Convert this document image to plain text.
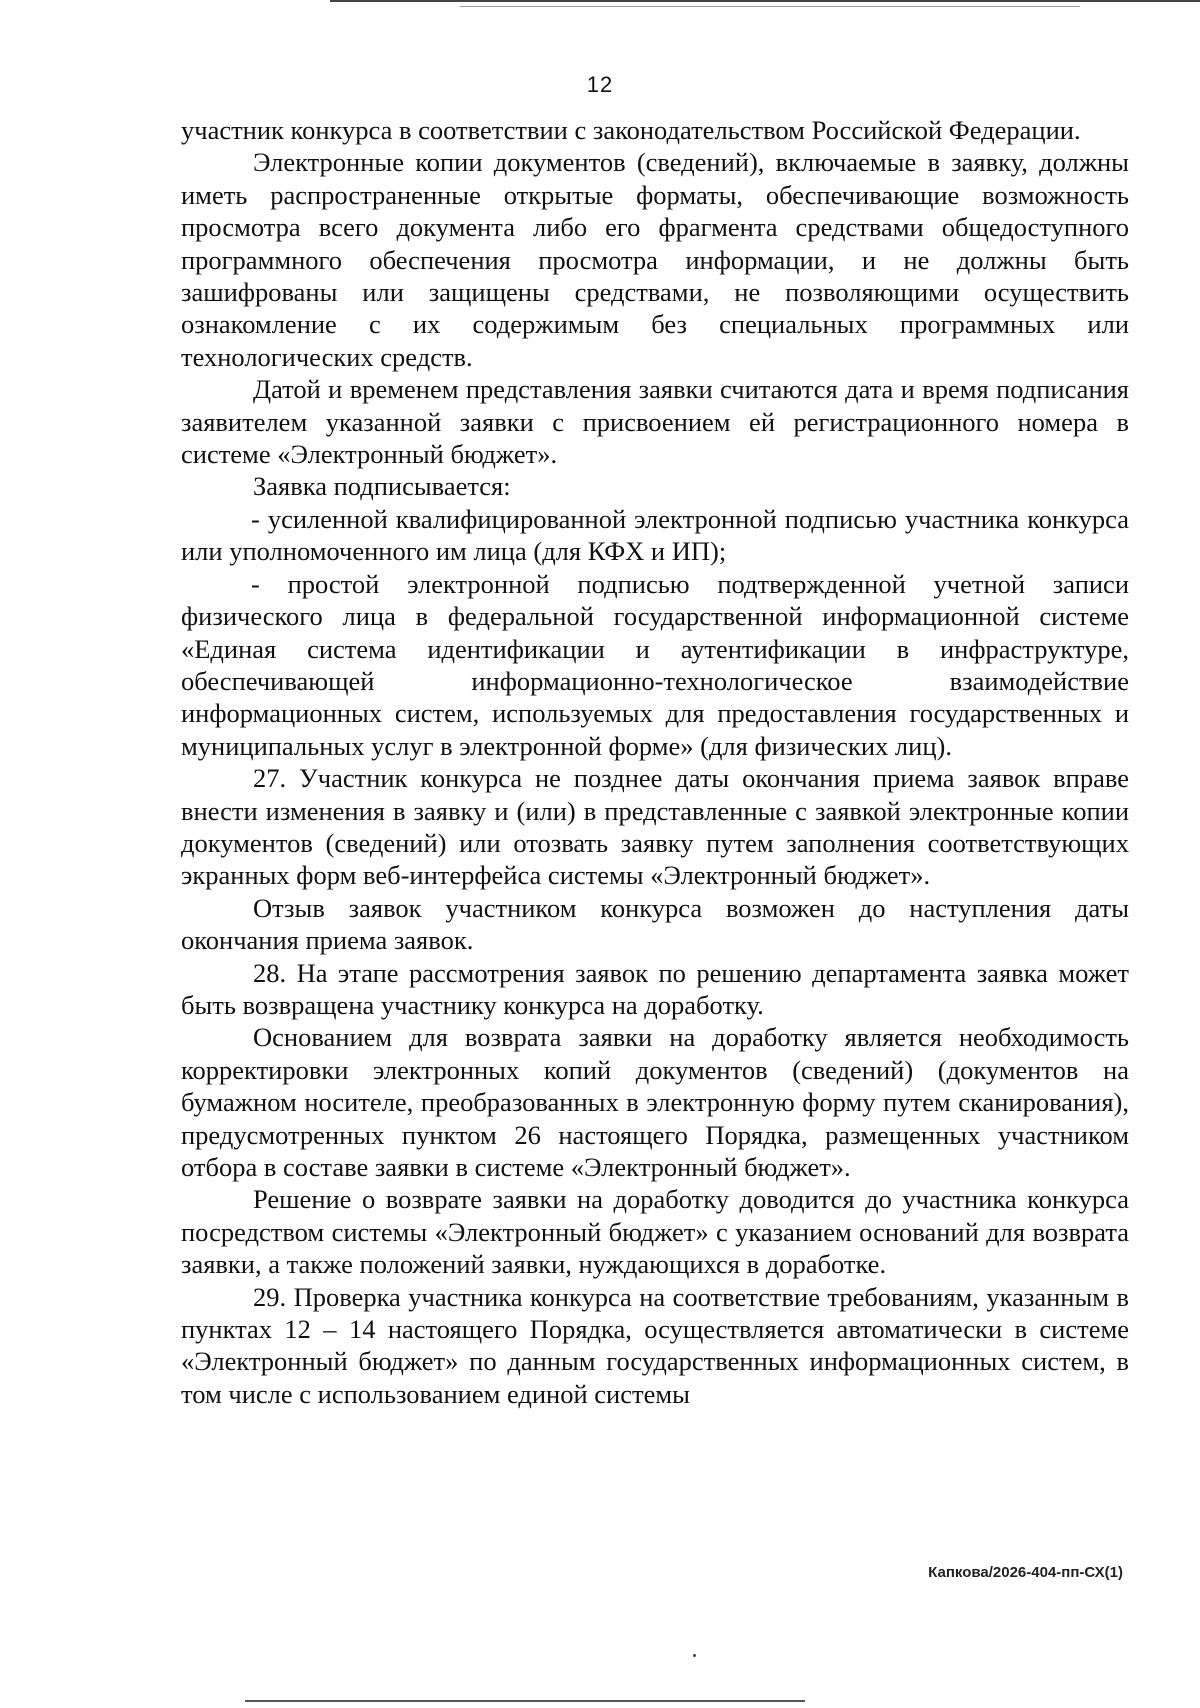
12

участник конкурса в соответствии с законодательством Российской Федерации.

Электронные копии документов (сведений), включаемые в заявку, должны иметь распространенные открытые форматы, обеспечивающие возможность просмотра всего документа либо его фрагмента средствами общедоступного программного обеспечения просмотра информации, и не должны быть зашифрованы или защищены средствами, не позволяющими осуществить ознакомление с их содержимым без специальных программных или технологических средств.

Датой и временем представления заявки считаются дата и время подписания заявителем указанной заявки с присвоением ей регистрационного номера в системе «Электронный бюджет».

Заявка подписывается:

- усиленной квалифицированной электронной подписью участника конкурса или уполномоченного им лица (для КФХ и ИП);

- простой электронной подписью подтвержденной учетной записи физического лица в федеральной государственной информационной системе «Единая система идентификации и аутентификации в инфраструктуре, обеспечивающей информационно-технологическое взаимодействие информационных систем, используемых для предоставления государственных и муниципальных услуг в электронной форме» (для физических лиц).

27. Участник конкурса не позднее даты окончания приема заявок вправе внести изменения в заявку и (или) в представленные с заявкой электронные копии документов (сведений) или отозвать заявку путем заполнения соответствующих экранных форм веб-интерфейса системы «Электронный бюджет».

Отзыв заявок участником конкурса возможен до наступления даты окончания приема заявок.

28. На этапе рассмотрения заявок по решению департамента заявка может быть возвращена участнику конкурса на доработку.

Основанием для возврата заявки на доработку является необходимость корректировки электронных копий документов (сведений) (документов на бумажном носителе, преобразованных в электронную форму путем сканирования), предусмотренных пунктом 26 настоящего Порядка, размещенных участником отбора в составе заявки в системе «Электронный бюджет».

Решение о возврате заявки на доработку доводится до участника конкурса посредством системы «Электронный бюджет» с указанием оснований для возврата заявки, а также положений заявки, нуждающихся в доработке.

29. Проверка участника конкурса на соответствие требованиям, указанным в пунктах 12 – 14 настоящего Порядка, осуществляется автоматически в системе «Электронный бюджет» по данным государственных информационных систем, в том числе с использованием единой системы

Капкова/2026-404-пп-СХ(1)
